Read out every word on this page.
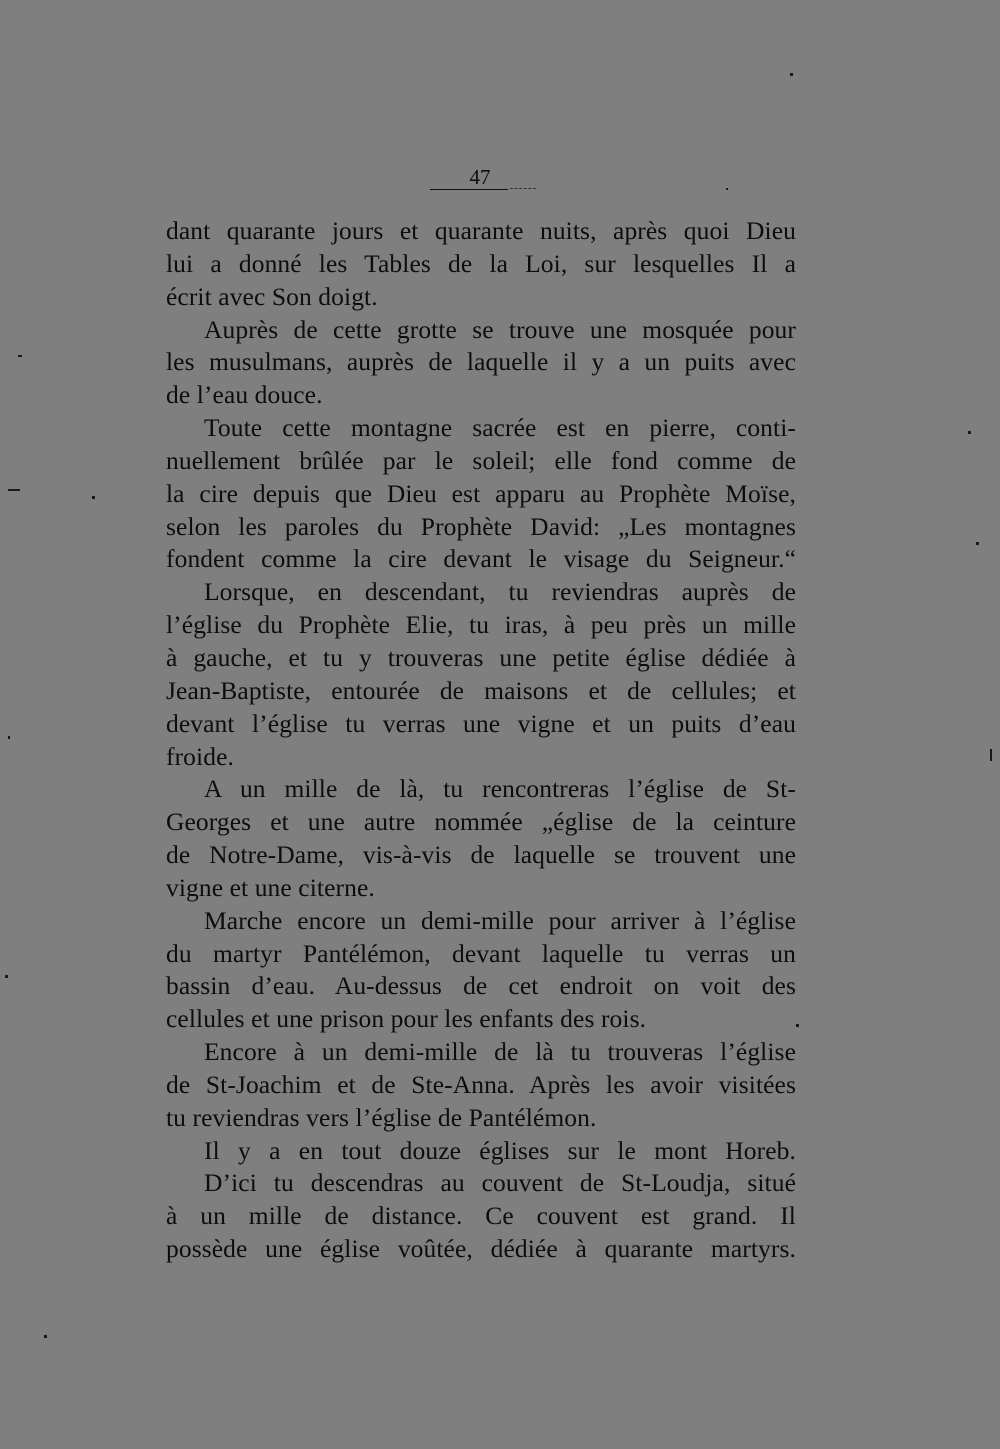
47
dant quarante jours et quarante nuits, après quoi Dieu
lui a donné les Tables de la Loi, sur lesquelles Il a
écrit avec Son doigt.
Auprès de cette grotte se trouve une mosquée pour
les musulmans, auprès de laquelle il y a un puits avec
de l’eau douce.
Toute cette montagne sacrée est en pierre, conti-
nuellement brûlée par le soleil; elle fond comme de
la cire depuis que Dieu est apparu au Prophète Moïse,
selon les paroles du Prophète David: „Les montagnes
fondent comme la cire devant le visage du Seigneur.“
Lorsque, en descendant, tu reviendras auprès de
l’église du Prophète Elie, tu iras, à peu près un mille
à gauche, et tu y trouveras une petite église dédiée à
Jean-Baptiste, entourée de maisons et de cellules; et
devant l’église tu verras une vigne et un puits d’eau
froide.
A un mille de là, tu rencontreras l’église de St-
Georges et une autre nommée „église de la ceinture
de Notre-Dame, vis-à-vis de laquelle se trouvent une
vigne et une citerne.
Marche encore un demi-mille pour arriver à l’église
du martyr Pantélémon, devant laquelle tu verras un
bassin d’eau. Au-dessus de cet endroit on voit des
cellules et une prison pour les enfants des rois.
Encore à un demi-mille de là tu trouveras l’église
de St-Joachim et de Ste-Anna. Après les avoir visitées
tu reviendras vers l’église de Pantélémon.
Il y a en tout douze églises sur le mont Horeb.
D’ici tu descendras au couvent de St-Loudja, situé
à un mille de distance. Ce couvent est grand. Il
possède une église voûtée, dédiée à quarante martyrs.
